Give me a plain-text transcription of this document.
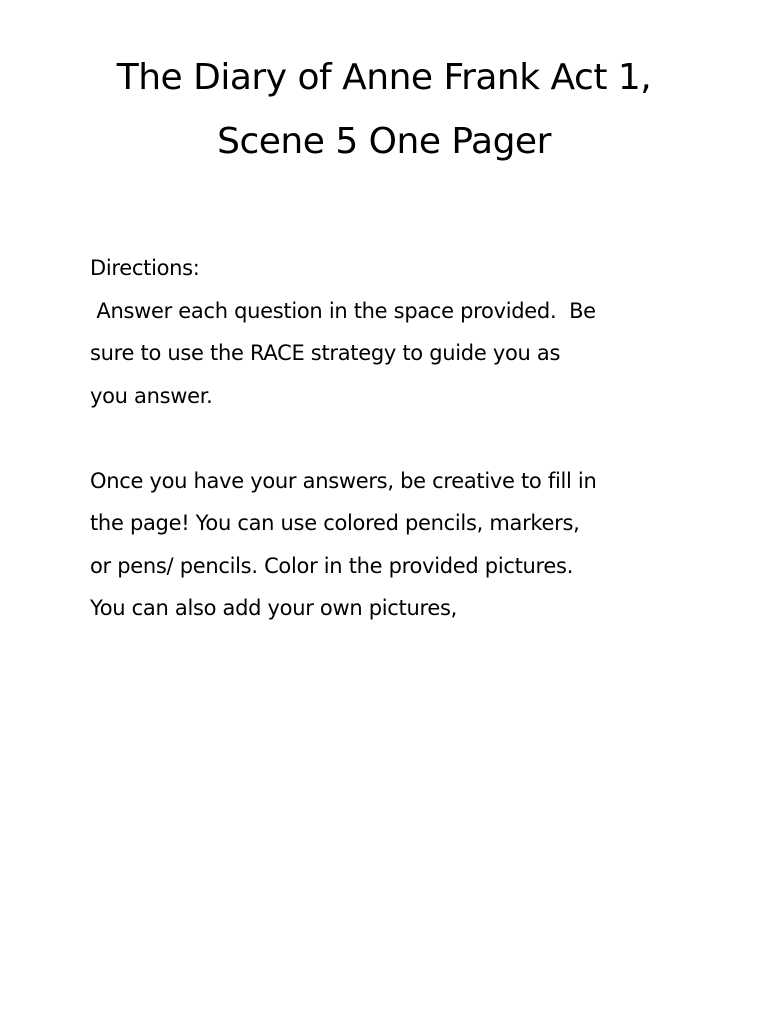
The Diary of Anne Frank Act 1,
Scene 5 One Pager
Directions:
Answer each question in the space provided.  Be
sure to use the RACE strategy to guide you as
you answer.
Once you have your answers, be creative to fill in
the page! You can use colored pencils, markers,
or pens/ pencils. Color in the provided pictures.
You can also add your own pictures,
